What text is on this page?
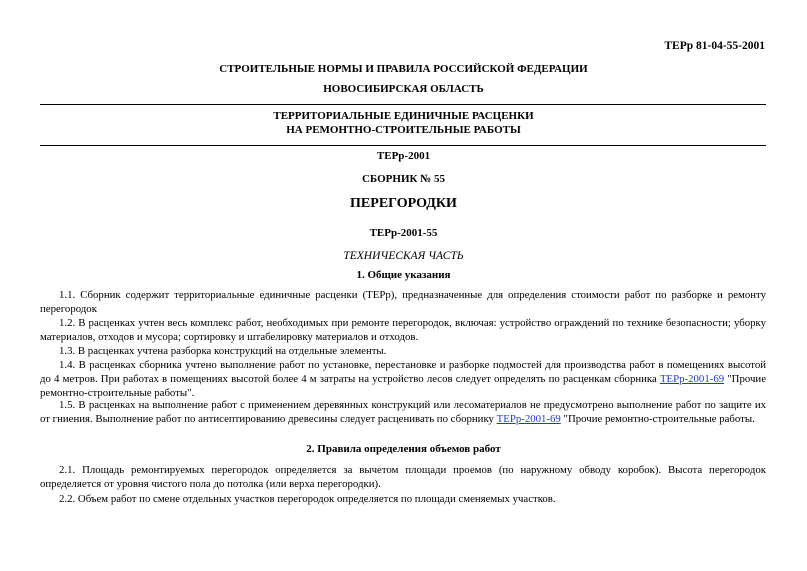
ТЕРр 81-04-55-2001
СТРОИТЕЛЬНЫЕ НОРМЫ И ПРАВИЛА РОССИЙСКОЙ ФЕДЕРАЦИИ
НОВОСИБИРСКАЯ ОБЛАСТЬ
ТЕРРИТОРИАЛЬНЫЕ ЕДИНИЧНЫЕ РАСЦЕНКИ
НА РЕМОНТНО-СТРОИТЕЛЬНЫЕ РАБОТЫ
ТЕРр-2001
СБОРНИК № 55
ПЕРЕГОРОДКИ
ТЕРр-2001-55
ТЕХНИЧЕСКАЯ ЧАСТЬ
1. Общие указания
1.1. Сборник содержит территориальные единичные расценки (ТЕРр), предназначенные для определения стоимости работ по разборке и ремонту перегородок
1.2. В расценках учтен весь комплекс работ, необходимых при ремонте перегородок, включая: устройство ограждений по технике безопасности; уборку материалов, отходов и мусора; сортировку и штабелировку материалов и отходов.
1.3. В расценках учтена разборка конструкций на отдельные элементы.
1.4. В расценках сборника учтено выполнение работ по установке, перестановке и разборке подмостей для производства работ в помещениях высотой до 4 метров. При работах в помещениях высотой более 4 м затраты на устройство лесов следует определять по расценкам сборника ТЕРр-2001-69 "Прочие ремонтно-строительные работы".
1.5. В расценках на выполнение работ с применением деревянных конструкций или лесоматериалов не предусмотрено выполнение работ по защите их от гниения. Выполнение работ по антисептированию древесины следует расценивать по сборнику ТЕРр-2001-69 "Прочие ремонтно-строительные работы.
2. Правила определения объемов работ
2.1. Площадь ремонтируемых перегородок определяется за вычетом площади проемов (по наружному обводу коробок). Высота перегородок определяется от уровня чистого пола до потолка (или верха перегородки).
2.2. Объем работ по смене отдельных участков перегородок определяется по площади сменяемых участков.
